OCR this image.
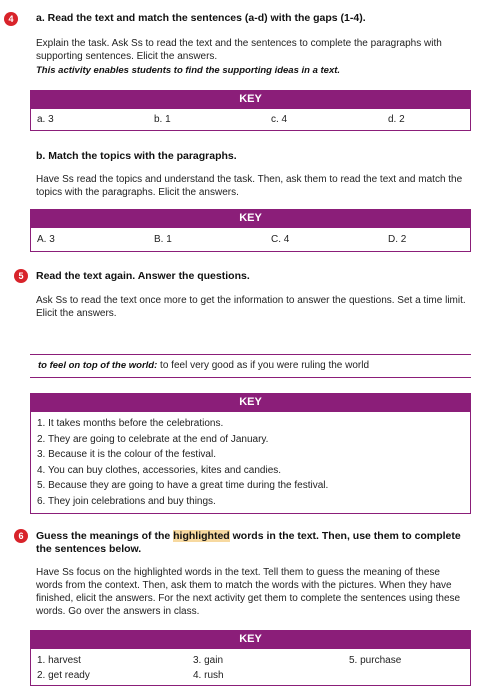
4	a. Read the text and match the sentences (a-d) with the gaps (1-4).
Explain the task. Ask Ss to read the text and the sentences to complete the paragraphs with
supporting sentences. Elicit the answers.
This activity enables students to find the supporting ideas in a text.
KEY
a. 3	b. 1	c. 4	d. 2
b. Match the topics with the paragraphs.
Have Ss read the topics and understand the task. Then, ask them to read the text and match the
topics with the paragraphs. Elicit the answers.
KEY
A. 3	B. 1	C. 4	D. 2
5	Read the text again. Answer the questions.
Ask Ss to read the text once more to get the information to answer the questions. Set a time limit.
Elicit the answers.
to feel on top of the world: to feel very good as if you were ruling the world
KEY
1. It takes months before the celebrations.
2. They are going to celebrate at the end of January.
3. Because it is the colour of the festival.
4. You can buy clothes, accessories, kites and candies.
5. Because they are going to have a great time during the festival.
6. They join celebrations and buy things.
6	Guess the meanings of the highlighted words in the text. Then, use them to complete
the sentences below.
Have Ss focus on the highlighted words in the text. Tell them to guess the meaning of these
words from the context. Then, ask them to match the words with the pictures. When they have
finished, elicit the answers. For the next activity get them to complete the sentences using these
words. Go over the answers in class.
KEY
1. harvest	3. gain	5. purchase
2. get ready	4. rush
